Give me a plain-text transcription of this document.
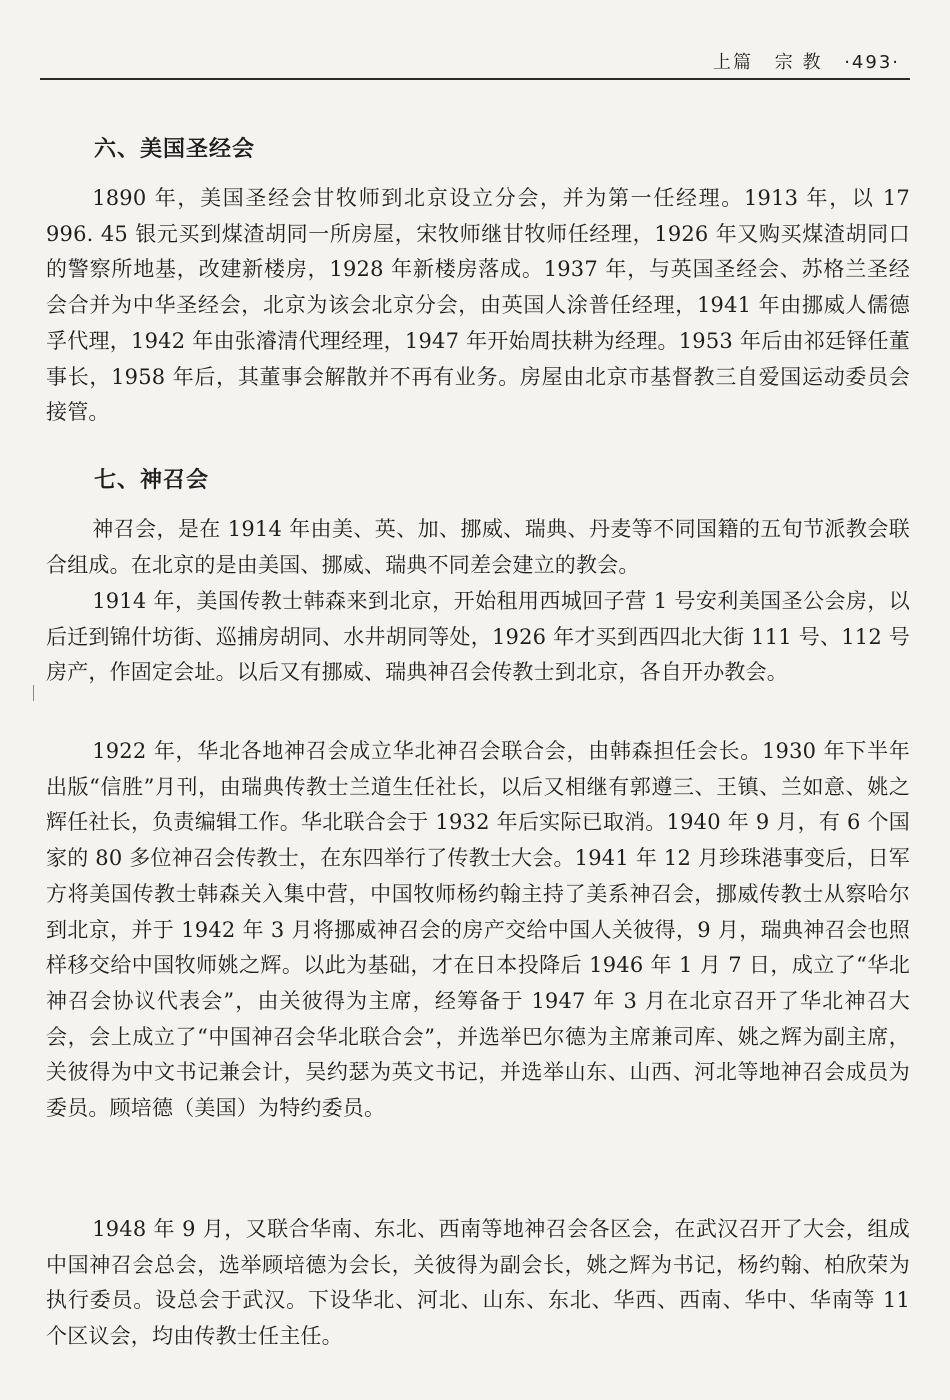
上篇 宗 教 ·493·
六、美国圣经会
1890 年，美国圣经会甘牧师到北京设立分会，并为第一任经理。1913 年，以 17 996. 45 银元买到煤渣胡同一所房屋，宋牧师继甘牧师任经理，1926 年又购买煤渣胡同口的警察所地基，改建新楼房，1928 年新楼房落成。1937 年，与英国圣经会、苏格兰圣经会合并为中华圣经会，北京为该会北京分会，由英国人涂普任经理，1941 年由挪威人儒德孚代理，1942 年由张濬清代理经理，1947 年开始周扶耕为经理。1953 年后由祁廷铎任董事长，1958 年后，其董事会解散并不再有业务。房屋由北京市基督教三自爱国运动委员会接管。
七、神召会
神召会，是在 1914 年由美、英、加、挪威、瑞典、丹麦等不同国籍的五旬节派教会联合组成。在北京的是由美国、挪威、瑞典不同差会建立的教会。
1914 年，美国传教士韩森来到北京，开始租用西城回子营 1 号安利美国圣公会房，以后迁到锦什坊街、巡捕房胡同、水井胡同等处，1926 年才买到西四北大街 111 号、112 号房产，作固定会址。以后又有挪威、瑞典神召会传教士到北京，各自开办教会。
1922 年，华北各地神召会成立华北神召会联合会，由韩森担任会长。1930 年下半年出版“信胜”月刊，由瑞典传教士兰道生任社长，以后又相继有郭遵三、王镇、兰如意、姚之辉任社长，负责编辑工作。华北联合会于 1932 年后实际已取消。1940 年 9 月，有 6 个国家的 80 多位神召会传教士，在东四举行了传教士大会。1941 年 12 月珍珠港事变后，日军方将美国传教士韩森关入集中营，中国牧师杨约翰主持了美系神召会，挪威传教士从察哈尔到北京，并于 1942 年 3 月将挪威神召会的房产交给中国人关彼得，9 月，瑞典神召会也照样移交给中国牧师姚之辉。以此为基础，才在日本投降后 1946 年 1 月 7 日，成立了“华北神召会协议代表会”，由关彼得为主席，经筹备于 1947 年 3 月在北京召开了华北神召大会，会上成立了“中国神召会华北联合会”，并选举巴尔德为主席兼司库、姚之辉为副主席，关彼得为中文书记兼会计，吴约瑟为英文书记，并选举山东、山西、河北等地神召会成员为委员。顾培德（美国）为特约委员。
1948 年 9 月，又联合华南、东北、西南等地神召会各区会，在武汉召开了大会，组成中国神召会总会，选举顾培德为会长，关彼得为副会长，姚之辉为书记，杨约翰、柏欣荣为执行委员。设总会于武汉。下设华北、河北、山东、东北、华西、西南、华中、华南等 11 个区议会，均由传教士任主任。
